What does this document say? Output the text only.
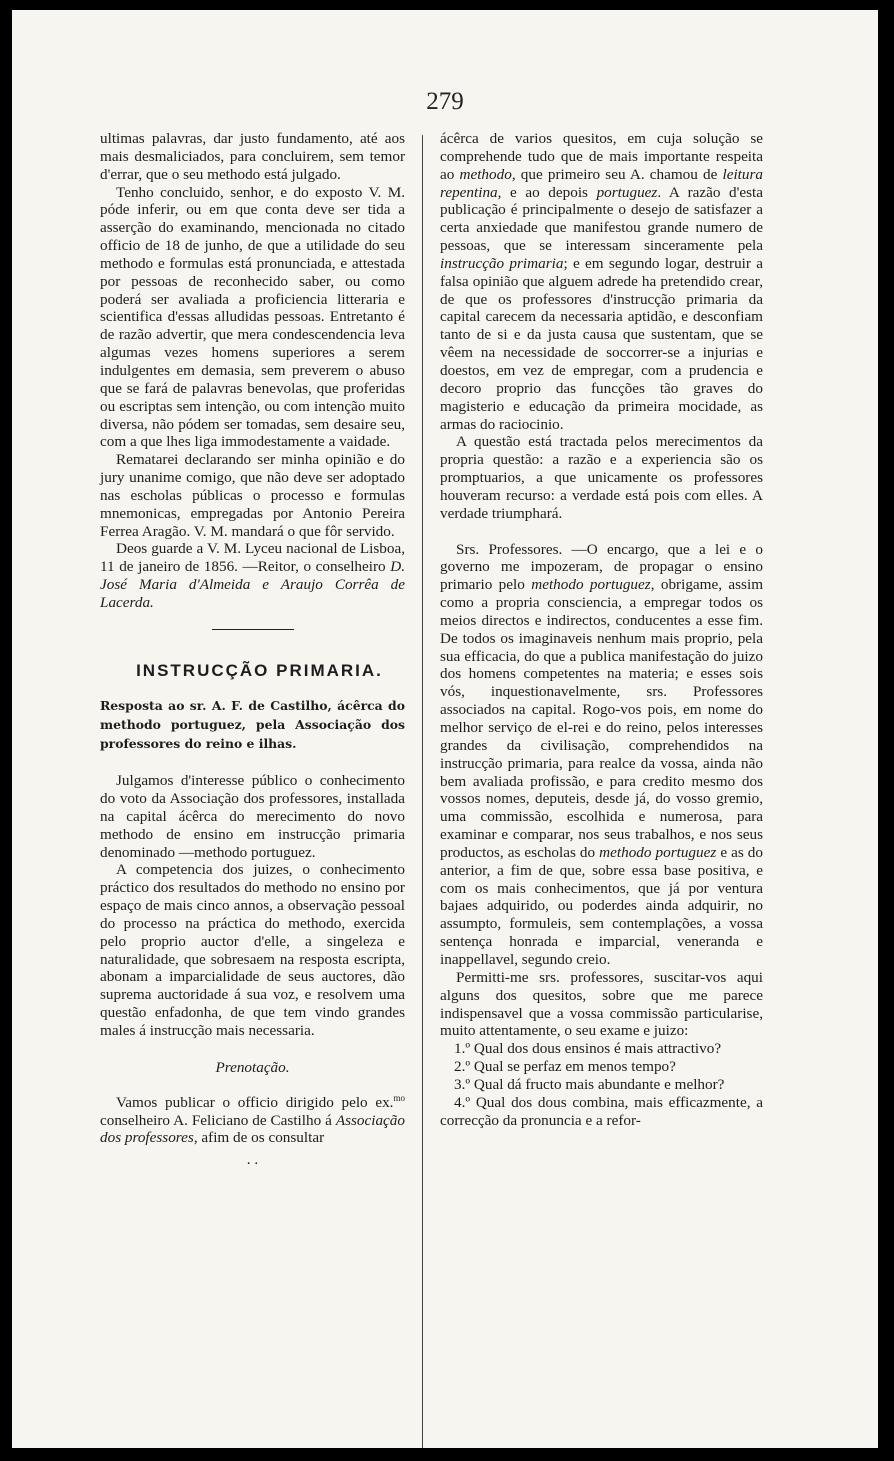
279

ultimas palavras, dar justo fundamento, até aos mais desmaliciados, para concluirem, sem temor d'errar, que o seu methodo está julgado.

Tenho concluido, senhor, e do exposto V. M. póde inferir, ou em que conta deve ser tida a asserção do examinando, mencionada no citado officio de 18 de junho, de que a utilidade do seu methodo e formulas está pronunciada, e attestada por pessoas de reconhecido saber, ou como poderá ser avaliada a proficiencia litteraria e scientifica d'essas alludidas pessoas. Entretanto é de razão advertir, que mera condescendencia leva algumas vezes homens superiores a serem indulgentes em demasia, sem preverem o abuso que se fará de palavras benevolas, que proferidas ou escriptas sem intenção, ou com intenção muito diversa, não pódem ser tomadas, sem desaire seu, com a que lhes liga immodestamente a vaidade.

Rematarei declarando ser minha opinião e do jury unanime comigo, que não deve ser adoptado nas escholas públicas o processo e formulas mnemonicas, empregadas por Antonio Pereira Ferrea Aragão. V. M. mandará o que fôr servido.

Deos guarde a V. M. Lyceu nacional de Lisboa, 11 de janeiro de 1856. —Reitor, o conselheiro D. José Maria d'Almeida e Araujo Corrêa de Lacerda.

INSTRUCÇÃO PRIMARIA.
Resposta ao sr. A. F. de Castilho, ácêrca do methodo portuguez, pela Associação dos professores do reino e ilhas.

Julgamos d'interesse público o conhecimento do voto da Associação dos professores, installada na capital ácêrca do merecimento do novo methodo de ensino em instrucção primaria denominado —methodo portuguez.

A competencia dos juizes, o conhecimento práctico dos resultados do methodo no ensino por espaço de mais cinco annos, a observação pessoal do processo na práctica do methodo, exercida pelo proprio auctor d'elle, a singeleza e naturalidade, que sobresaem na resposta escripta, abonam a imparcialidade de seus auctores, dão suprema auctoridade á sua voz, e resolvem uma questão enfadonha, de que tem vindo grandes males á instrucção mais necessaria.

Prenotação.

Vamos publicar o officio dirigido pelo ex.$^{mo}$ conselheiro A. Feliciano de Castilho á Associação dos professores, afim de os consultar

. .

ácêrca de varios quesitos, em cuja solução se comprehende tudo que de mais importante respeita ao methodo, que primeiro seu A. chamou de leitura repentina, e ao depois portuguez. A razão d'esta publicação é principalmente o desejo de satisfazer a certa anxiedade que manifestou grande numero de pessoas, que se interessam sinceramente pela instrucção primaria; e em segundo logar, destruir a falsa opinião que alguem adrede ha pretendido crear, de que os professores d'instrucção primaria da capital carecem da necessaria aptidão, e desconfiam tanto de si e da justa causa que sustentam, que se vêem na necessidade de soccorrer-se a injurias e doestos, em vez de empregar, com a prudencia e decoro proprio das funcções tão graves do magisterio e educação da primeira mocidade, as armas do raciocinio.

A questão está tractada pelos merecimentos da propria questão: a razão e a experiencia são os promptuarios, a que unicamente os professores houveram recurso: a verdade está pois com elles. A verdade triumphará.

Srs. Professores. —O encargo, que a lei e o governo me impozeram, de propagar o ensino primario pelo methodo portuguez, obrigame, assim como a propria consciencia, a empregar todos os meios directos e indirectos, conducentes a esse fim. De todos os imaginaveis nenhum mais proprio, pela sua efficacia, do que a publica manifestação do juizo dos homens competentes na materia; e esses sois vós, inquestionavelmente, srs. Professores associados na capital. Rogo-vos pois, em nome do melhor serviço de el-rei e do reino, pelos interesses grandes da civilisação, comprehendidos na instrucção primaria, para realce da vossa, ainda não bem avaliada profissão, e para credito mesmo dos vossos nomes, deputeis, desde já, do vosso gremio, uma commissão, escolhida e numerosa, para examinar e comparar, nos seus trabalhos, e nos seus productos, as escholas do methodo portuguez e as do anterior, a fim de que, sobre essa base positiva, e com os mais conhecimentos, que já por ventura bajaes adquirido, ou poderdes ainda adquirir, no assumpto, formuleis, sem contemplações, a vossa sentença honrada e imparcial, veneranda e inappellavel, segundo creio.

Permitti-me srs. professores, suscitar-vos aqui alguns dos quesitos, sobre que me parece indispensavel que a vossa commissão particularise, muito attentamente, o seu exame e juizo:

1.º Qual dos dous ensinos é mais attractivo?

2.º Qual se perfaz em menos tempo?

3.º Qual dá fructo mais abundante e melhor?

4.º Qual dos dous combina, mais efficazmente, a correcção da pronuncia e a refor-
